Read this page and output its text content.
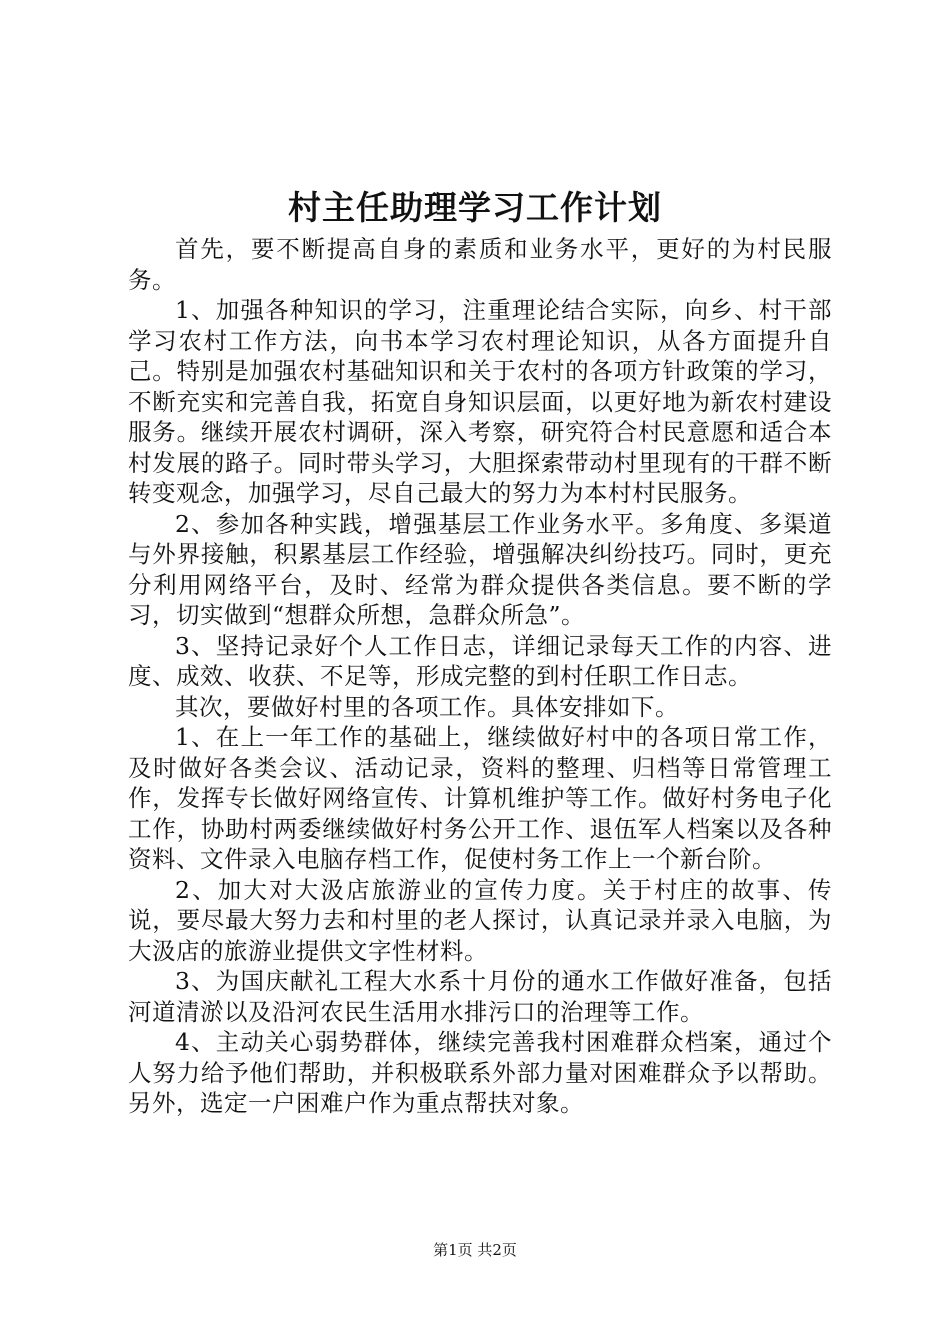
村主任助理学习工作计划

首先，要不断提高自身的素质和业务水平，更好的为村民服务。

1、加强各种知识的学习，注重理论结合实际，向乡、村干部学习农村工作方法，向书本学习农村理论知识，从各方面提升自己。特别是加强农村基础知识和关于农村的各项方针政策的学习，不断充实和完善自我，拓宽自身知识层面，以更好地为新农村建设服务。继续开展农村调研，深入考察，研究符合村民意愿和适合本村发展的路子。同时带头学习，大胆探索带动村里现有的干群不断转变观念，加强学习，尽自己最大的努力为本村村民服务。

2、参加各种实践，增强基层工作业务水平。多角度、多渠道与外界接触，积累基层工作经验，增强解决纠纷技巧。同时，更充分利用网络平台，及时、经常为群众提供各类信息。要不断的学习，切实做到“想群众所想，急群众所急”。

3、坚持记录好个人工作日志，详细记录每天工作的内容、进度、成效、收获、不足等，形成完整的到村任职工作日志。

其次，要做好村里的各项工作。具体安排如下。

1、在上一年工作的基础上，继续做好村中的各项日常工作，及时做好各类会议、活动记录，资料的整理、归档等日常管理工作，发挥专长做好网络宣传、计算机维护等工作。做好村务电子化工作，协助村两委继续做好村务公开工作、退伍军人档案以及各种资料、文件录入电脑存档工作，促使村务工作上一个新台阶。

2、加大对大汲店旅游业的宣传力度。关于村庄的故事、传说，要尽最大努力去和村里的老人探讨，认真记录并录入电脑，为大汲店的旅游业提供文字性材料。

3、为国庆献礼工程大水系十月份的通水工作做好准备，包括河道清淤以及沿河农民生活用水排污口的治理等工作。

4、主动关心弱势群体，继续完善我村困难群众档案，通过个人努力给予他们帮助，并积极联系外部力量对困难群众予以帮助。另外，选定一户困难户作为重点帮扶对象。

第1页 共2页
